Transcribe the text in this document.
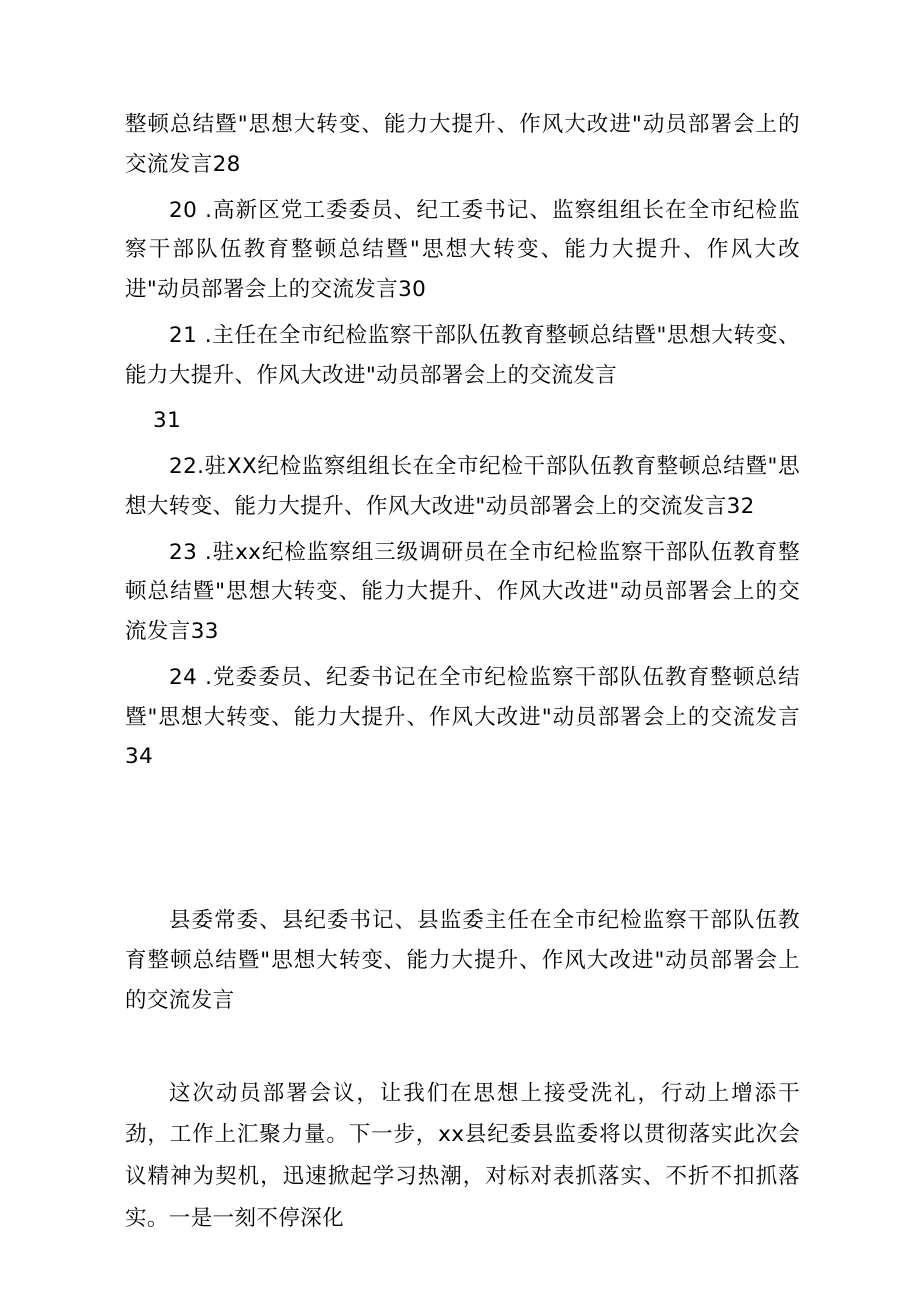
整顿总结暨"思想大转变、能力大提升、作风大改进"动员部署会上的交流发言28

20 .高新区党工委委员、纪工委书记、监察组组长在全市纪检监察干部队伍教育整顿总结暨"思想大转变、能力大提升、作风大改进"动员部署会上的交流发言30

21 .主任在全市纪检监察干部队伍教育整顿总结暨"思想大转变、能力大提升、作风大改进"动员部署会上的交流发言

31

22.驻XX纪检监察组组长在全市纪检干部队伍教育整顿总结暨"思想大转变、能力大提升、作风大改进"动员部署会上的交流发言32

23 .驻xx纪检监察组三级调研员在全市纪检监察干部队伍教育整顿总结暨"思想大转变、能力大提升、作风大改进"动员部署会上的交流发言33

24 .党委委员、纪委书记在全市纪检监察干部队伍教育整顿总结暨"思想大转变、能力大提升、作风大改进"动员部署会上的交流发言34

县委常委、县纪委书记、县监委主任在全市纪检监察干部队伍教育整顿总结暨"思想大转变、能力大提升、作风大改进"动员部署会上的交流发言

这次动员部署会议，让我们在思想上接受洗礼，行动上增添干劲，工作上汇聚力量。下一步，xx县纪委县监委将以贯彻落实此次会议精神为契机，迅速掀起学习热潮，对标对表抓落实、不折不扣抓落实。一是一刻不停深化
